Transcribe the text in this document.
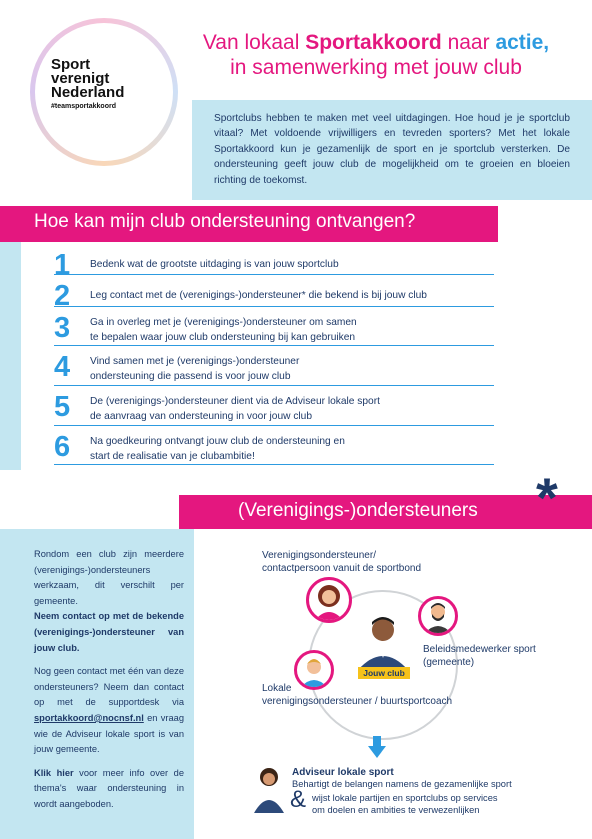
Sport
verenigt
Nederland
#teamsportakkoord
Van lokaal Sportakkoord naar actie,
in samenwerking met jouw club
Sportclubs hebben te maken met veel uitdagingen. Hoe houd je je sportclub vitaal? Met voldoende vrijwilligers en tevreden sporters? Met het lokale Sportakkoord kun je gezamenlijk de sport en je sportclub versterken. De ondersteuning geeft jouw club de mogelijkheid om te groeien en bloeien richting de toekomst.
Hoe kan mijn club ondersteuning ontvangen?
1 Bedenk wat de grootste uitdaging is van jouw sportclub
2 Leg contact met de (verenigings-)ondersteuner* die bekend is bij jouw club
3 Ga in overleg met je (verenigings-)ondersteuner om samen
te bepalen waar jouw club ondersteuning bij kan gebruiken
4 Vind samen met je (verenigings-)ondersteuner
ondersteuning die passend is voor jouw club
5 De (verenigings-)ondersteuner dient via de Adviseur lokale sport
de aanvraag van ondersteuning in voor jouw club
6 Na goedkeuring ontvangt jouw club de ondersteuning en
start de realisatie van je clubambitie!
(Verenigings-)ondersteuners *

Rondom een club zijn meerdere (verenigings-)ondersteuners werkzaam, dit verschilt per gemeente.
Neem contact op met de bekende (verenigings-)ondersteuner van jouw club.

Nog geen contact met één van deze ondersteuners? Neem dan contact op met de supportdesk via sportakkoord@nocnsf.nl en vraag wie de Adviseur lokale sport is van jouw gemeente.

Klik hier voor meer info over de thema's waar ondersteuning in wordt aangeboden.

Verenigingsondersteuner/
contactpersoon vanuit de sportbond
Jouw club
Beleidsmedewerker sport
(gemeente)
Lokale
verenigingsondersteuner / buurtsportcoach
Adviseur lokale sport
Behartigt de belangen namens de gezamenlijke sport
& wijst lokale partijen en sportclubs op services
om doelen en ambities te verwezenlijken
